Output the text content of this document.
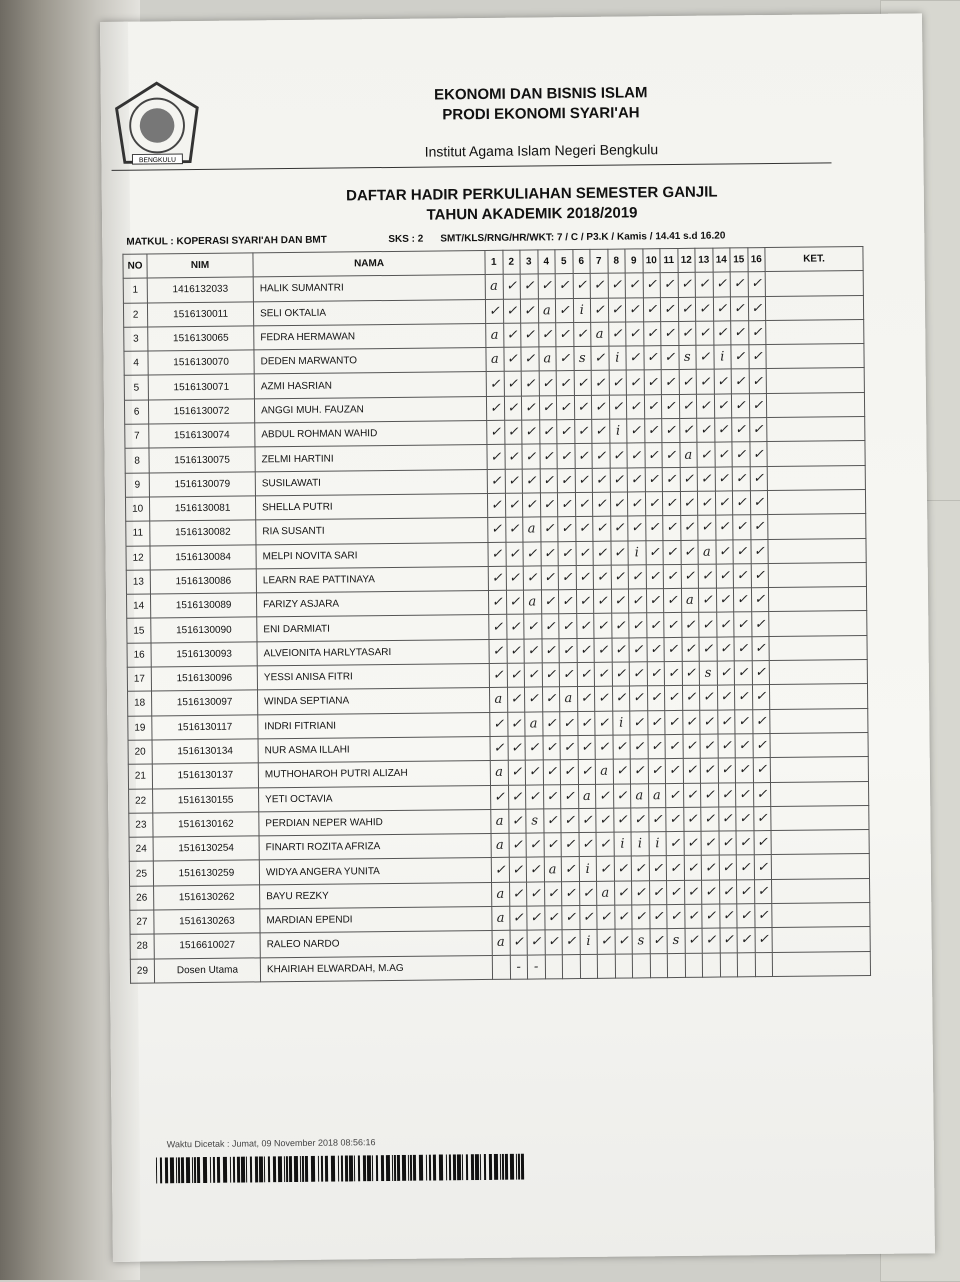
BENGKULU
EKONOMI DAN BISNIS ISLAM
PRODI EKONOMI SYARI'AH
Institut Agama Islam Negeri Bengkulu
DAFTAR HADIR PERKULIAHAN SEMESTER GANJIL
TAHUN AKADEMIK 2018/2019
MATKUL : KOPERASI SYARI'AH DAN BMT	SKS : 2 SMT/KLS/RNG/HR/WKT: 7 / C / P3.K / Kamis / 14.41 s.d 16.20
NO	NIM	NAMA	1	2	3	4	5	6	7	8	9	10	11	12	13	14	15	16	KET.
1	1416132033	HALIK SUMANTRI	a	✓	✓	✓	✓	✓	✓	✓	✓	✓	✓	✓	✓	✓	✓	✓	
2	1516130011	SELI OKTALIA	✓	✓	✓	a	✓	i	✓	✓	✓	✓	✓	✓	✓	✓	✓	✓	
3	1516130065	FEDRA HERMAWAN	a	✓	✓	✓	✓	✓	a	✓	✓	✓	✓	✓	✓	✓	✓	✓	
4	1516130070	DEDEN MARWANTO	a	✓	✓	a	✓	s	✓	i	✓	✓	✓	s	✓	i	✓	✓	
5	1516130071	AZMI HASRIAN	✓	✓	✓	✓	✓	✓	✓	✓	✓	✓	✓	✓	✓	✓	✓	✓	
6	1516130072	ANGGI MUH. FAUZAN	✓	✓	✓	✓	✓	✓	✓	✓	✓	✓	✓	✓	✓	✓	✓	✓	
7	1516130074	ABDUL ROHMAN WAHID	✓	✓	✓	✓	✓	✓	✓	i	✓	✓	✓	✓	✓	✓	✓	✓	
8	1516130075	ZELMI HARTINI	✓	✓	✓	✓	✓	✓	✓	✓	✓	✓	✓	a	✓	✓	✓	✓	
9	1516130079	SUSILAWATI	✓	✓	✓	✓	✓	✓	✓	✓	✓	✓	✓	✓	✓	✓	✓	✓	
10	1516130081	SHELLA PUTRI	✓	✓	✓	✓	✓	✓	✓	✓	✓	✓	✓	✓	✓	✓	✓	✓	
11	1516130082	RIA SUSANTI	✓	✓	a	✓	✓	✓	✓	✓	✓	✓	✓	✓	✓	✓	✓	✓	
12	1516130084	MELPI NOVITA SARI	✓	✓	✓	✓	✓	✓	✓	✓	i	✓	✓	✓	a	✓	✓	✓	
13	1516130086	LEARN RAE PATTINAYA	✓	✓	✓	✓	✓	✓	✓	✓	✓	✓	✓	✓	✓	✓	✓	✓	
14	1516130089	FARIZY ASJARA	✓	✓	a	✓	✓	✓	✓	✓	✓	✓	✓	a	✓	✓	✓	✓	
15	1516130090	ENI DARMIATI	✓	✓	✓	✓	✓	✓	✓	✓	✓	✓	✓	✓	✓	✓	✓	✓	
16	1516130093	ALVEIONITA HARLYTASARI	✓	✓	✓	✓	✓	✓	✓	✓	✓	✓	✓	✓	✓	✓	✓	✓	
17	1516130096	YESSI ANISA FITRI	✓	✓	✓	✓	✓	✓	✓	✓	✓	✓	✓	✓	s	✓	✓	✓	
18	1516130097	WINDA SEPTIANA	a	✓	✓	✓	a	✓	✓	✓	✓	✓	✓	✓	✓	✓	✓	✓	
19	1516130117	INDRI FITRIANI	✓	✓	a	✓	✓	✓	✓	i	✓	✓	✓	✓	✓	✓	✓	✓	
20	1516130134	NUR ASMA ILLAHI	✓	✓	✓	✓	✓	✓	✓	✓	✓	✓	✓	✓	✓	✓	✓	✓	
21	1516130137	MUTHOHAROH PUTRI ALIZAH	a	✓	✓	✓	✓	✓	a	✓	✓	✓	✓	✓	✓	✓	✓	✓	
22	1516130155	YETI OCTAVIA	✓	✓	✓	✓	✓	a	✓	✓	a	a	✓	✓	✓	✓	✓	✓	
23	1516130162	PERDIAN NEPER WAHID	a	✓	s	✓	✓	✓	✓	✓	✓	✓	✓	✓	✓	✓	✓	✓	
24	1516130254	FINARTI ROZITA AFRIZA	a	✓	✓	✓	✓	✓	✓	i	i	i	✓	✓	✓	✓	✓	✓	
25	1516130259	WIDYA ANGERA YUNITA	✓	✓	✓	a	✓	i	✓	✓	✓	✓	✓	✓	✓	✓	✓	✓	
26	1516130262	BAYU REZKY	a	✓	✓	✓	✓	✓	a	✓	✓	✓	✓	✓	✓	✓	✓	✓	
27	1516130263	MARDIAN EPENDI	a	✓	✓	✓	✓	✓	✓	✓	✓	✓	✓	✓	✓	✓	✓	✓	
28	1516610027	RALEO NARDO	a	✓	✓	✓	✓	i	✓	✓	s	✓	s	✓	✓	✓	✓	✓	
29	Dosen Utama	KHAIRIAH ELWARDAH, M.AG		-	-														
Waktu Dicetak : Jumat, 09 November 2018 08:56:16
